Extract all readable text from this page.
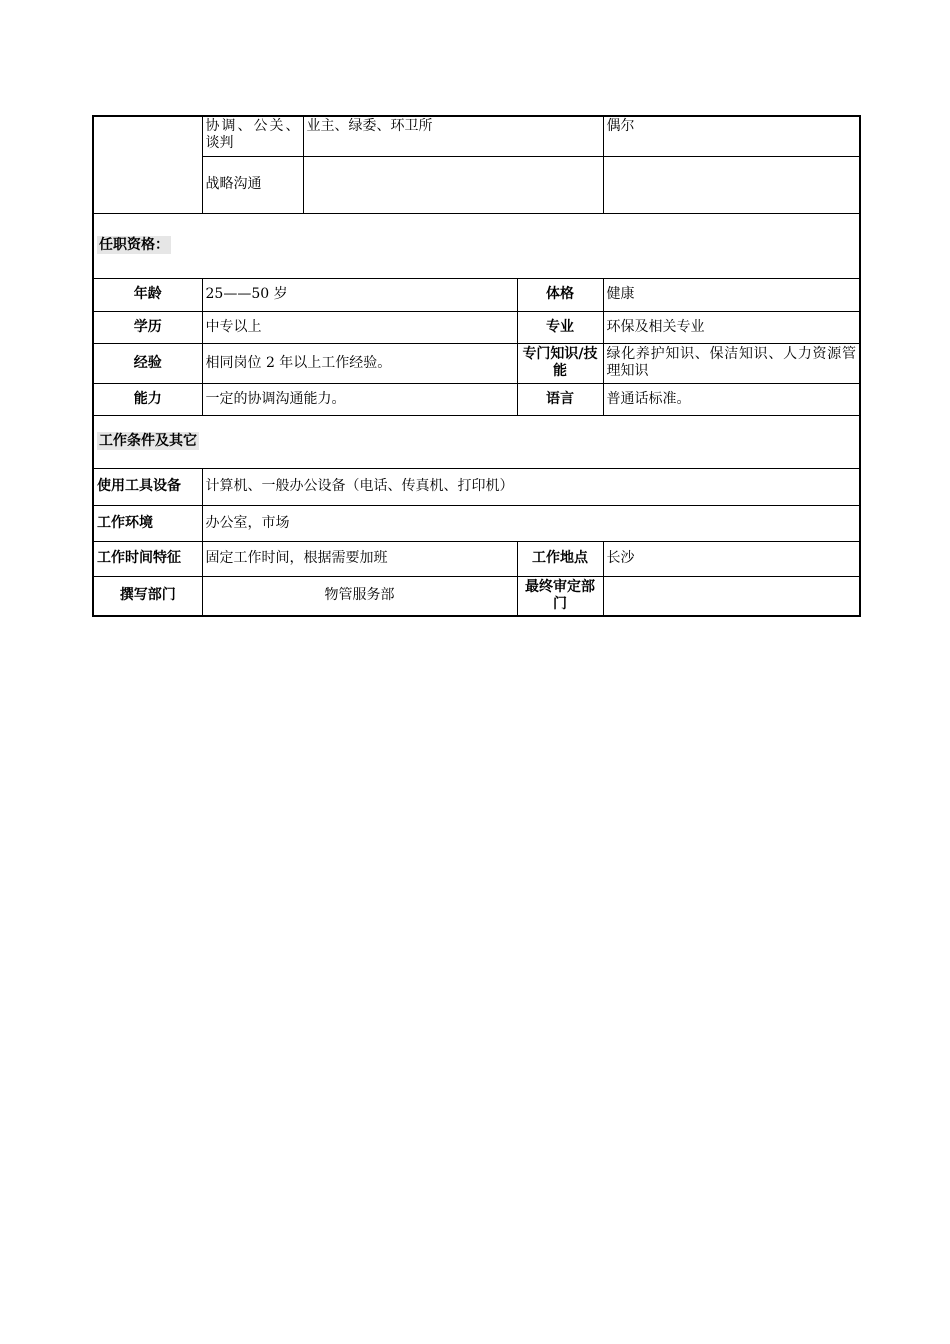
	协调、公关、谈判	业主、绿委、环卫所		偶尔
	战略沟通			
任职资格：				
年龄	25——50 岁		体格	健康
学历	中专以上		专业	环保及相关专业
经验	相同岗位 2 年以上工作经验。		专门知识/技能	绿化养护知识、保洁知识、人力资源管理知识
能力	一定的协调沟通能力。		语言	普通话标准。
工作条件及其它				
使用工具设备	计算机、一般办公设备（电话、传真机、打印机）			
工作环境	办公室，市场			
工作时间特征	固定工作时间，根据需要加班		工作地点	长沙
撰写部门	物管服务部		最终审定部门	
